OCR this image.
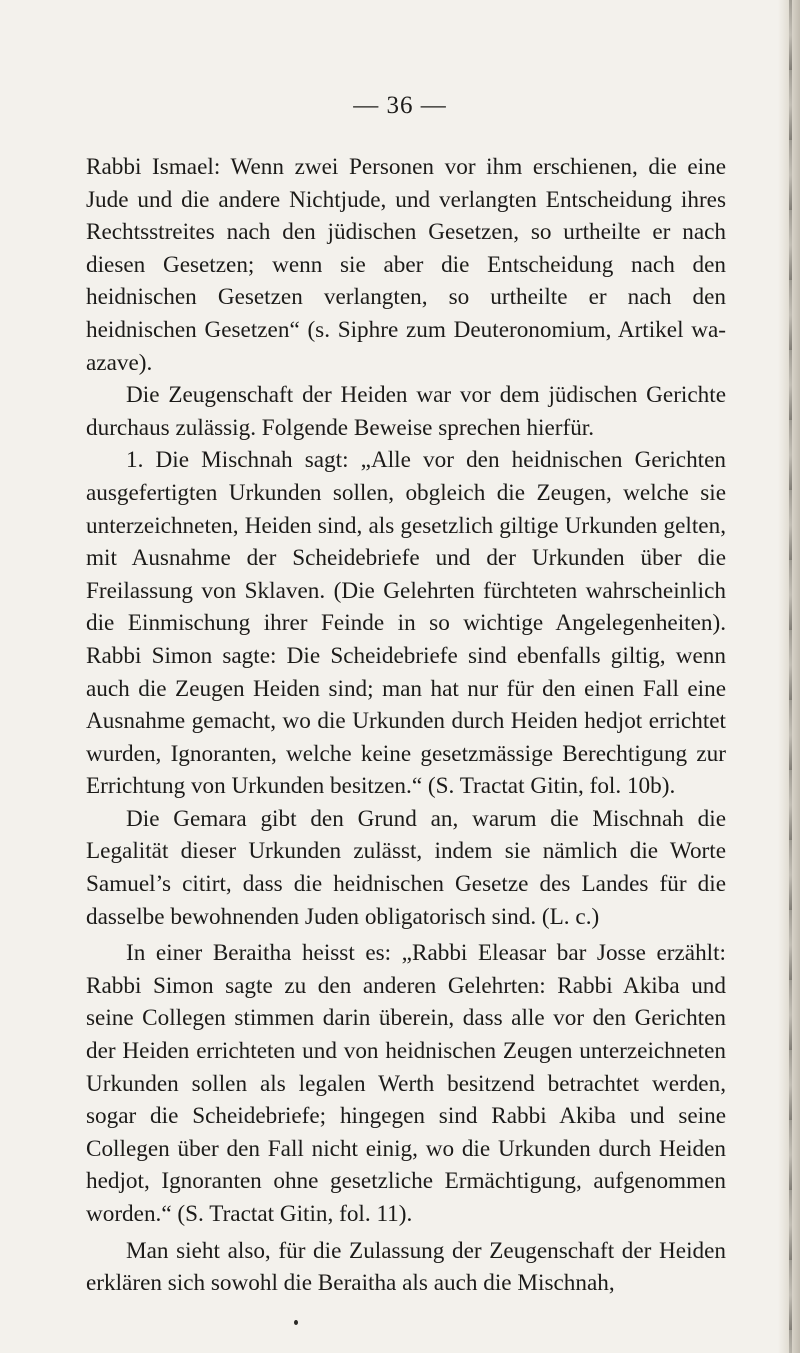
— 36 —

Rabbi Ismael: Wenn zwei Personen vor ihm erschienen, die eine Jude und die andere Nichtjude, und verlangten Entscheidung ihres Rechtsstreites nach den jüdischen Gesetzen, so urtheilte er nach diesen Gesetzen; wenn sie aber die Entscheidung nach den heidnischen Gesetzen verlangten, so urtheilte er nach den heidnischen Gesetzen“ (s. Siphre zum Deuteronomium, Artikel wa-azave).

Die Zeugenschaft der Heiden war vor dem jüdischen Gerichte durchaus zulässig. Folgende Beweise sprechen hierfür.

1. Die Mischnah sagt: „Alle vor den heidnischen Gerichten ausgefertigten Urkunden sollen, obgleich die Zeugen, welche sie unterzeichneten, Heiden sind, als gesetzlich giltige Urkunden gelten, mit Ausnahme der Scheidebriefe und der Urkunden über die Freilassung von Sklaven. (Die Gelehrten fürchteten wahrscheinlich die Einmischung ihrer Feinde in so wichtige Angelegenheiten). Rabbi Simon sagte: Die Scheidebriefe sind ebenfalls giltig, wenn auch die Zeugen Heiden sind; man hat nur für den einen Fall eine Ausnahme gemacht, wo die Urkunden durch Heiden hedjot errichtet wurden, Ignoranten, welche keine gesetzmässige Berechtigung zur Errichtung von Urkunden besitzen.“ (S. Tractat Gitin, fol. 10b).

Die Gemara gibt den Grund an, warum die Mischnah die Legalität dieser Urkunden zulässt, indem sie nämlich die Worte Samuel’s citirt, dass die heidnischen Gesetze des Landes für die dasselbe bewohnenden Juden obligatorisch sind. (L. c.)

In einer Beraitha heisst es: „Rabbi Eleasar bar Josse erzählt: Rabbi Simon sagte zu den anderen Gelehrten: Rabbi Akiba und seine Collegen stimmen darin überein, dass alle vor den Gerichten der Heiden errichteten und von heidnischen Zeugen unterzeichneten Urkunden sollen als legalen Werth besitzend betrachtet werden, sogar die Scheidebriefe; hingegen sind Rabbi Akiba und seine Collegen über den Fall nicht einig, wo die Urkunden durch Heiden hedjot, Ignoranten ohne gesetzliche Ermächtigung, aufgenommen worden.“ (S. Tractat Gitin, fol. 11).

Man sieht also, für die Zulassung der Zeugenschaft der Heiden erklären sich sowohl die Beraitha als auch die Mischnah,
